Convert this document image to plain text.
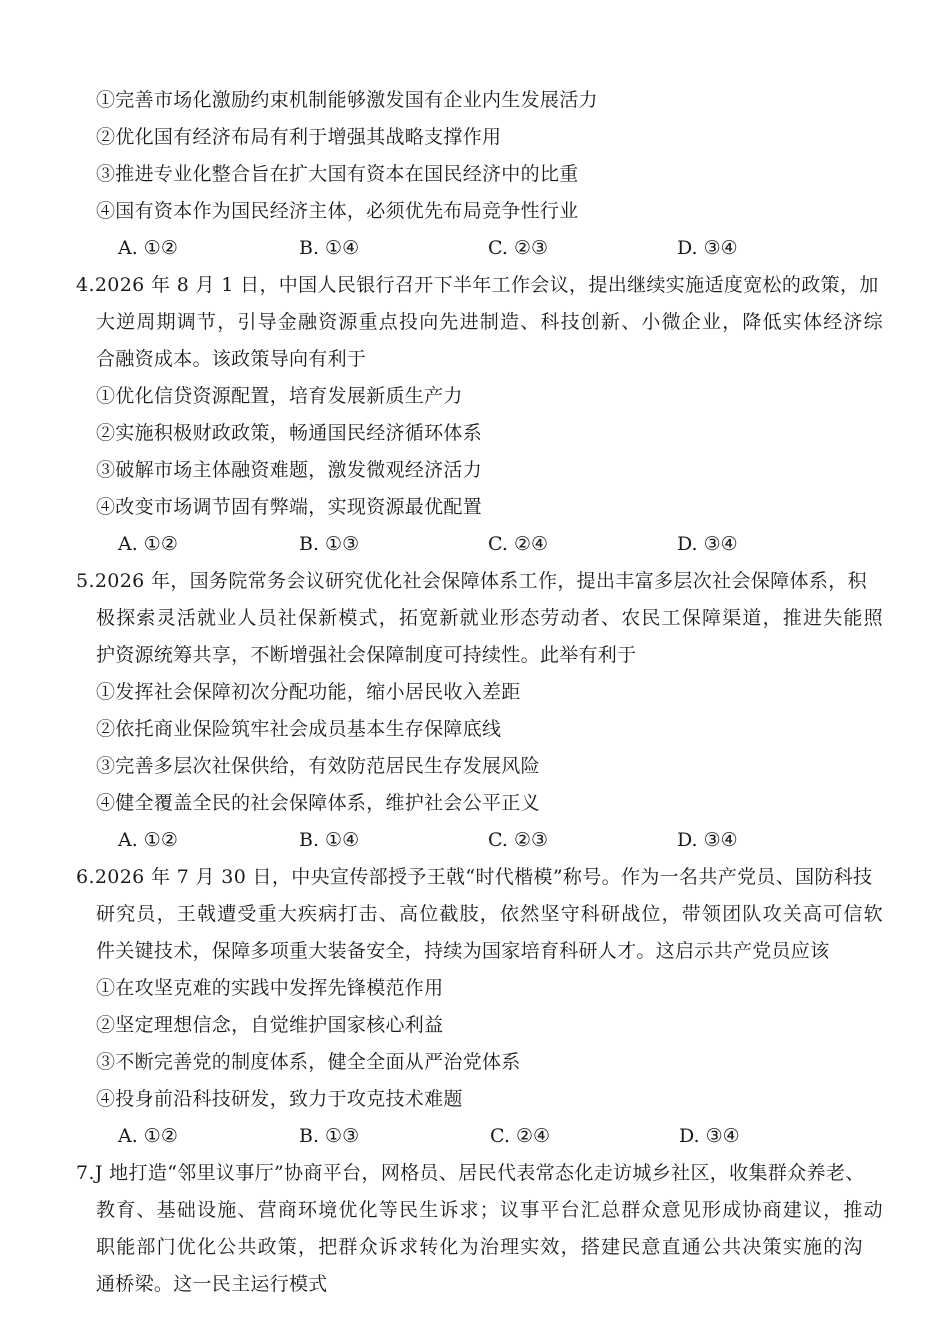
①完善市场化激励约束机制能够激发国有企业内生发展活力
②优化国有经济布局有利于增强其战略支撑作用
③推进专业化整合旨在扩大国有资本在国民经济中的比重
④国有资本作为国民经济主体，必须优先布局竞争性行业
A. ①②	B. ①④	C. ②③	D. ③④
4.2026 年 8 月 1 日，中国人民银行召开下半年工作会议，提出继续实施适度宽松的政策，加
大逆周期调节，引导金融资源重点投向先进制造、科技创新、小微企业，降低实体经济综
合融资成本。该政策导向有利于
①优化信贷资源配置，培育发展新质生产力
②实施积极财政政策，畅通国民经济循环体系
③破解市场主体融资难题，激发微观经济活力
④改变市场调节固有弊端，实现资源最优配置
A. ①②	B. ①③	C. ②④	D. ③④
5.2026 年，国务院常务会议研究优化社会保障体系工作，提出丰富多层次社会保障体系，积
极探索灵活就业人员社保新模式，拓宽新就业形态劳动者、农民工保障渠道，推进失能照
护资源统筹共享，不断增强社会保障制度可持续性。此举有利于
①发挥社会保障初次分配功能，缩小居民收入差距
②依托商业保险筑牢社会成员基本生存保障底线
③完善多层次社保供给，有效防范居民生存发展风险
④健全覆盖全民的社会保障体系，维护社会公平正义
A. ①②	B. ①④	C. ②③	D. ③④
6.2026 年 7 月 30 日，中央宣传部授予王戟“时代楷模”称号。作为一名共产党员、国防科技
研究员，王戟遭受重大疾病打击、高位截肢，依然坚守科研战位，带领团队攻关高可信软
件关键技术，保障多项重大装备安全，持续为国家培育科研人才。这启示共产党员应该
①在攻坚克难的实践中发挥先锋模范作用
②坚定理想信念，自觉维护国家核心利益
③不断完善党的制度体系，健全全面从严治党体系
④投身前沿科技研发，致力于攻克技术难题
A. ①②	B. ①③	C. ②④	D. ③④
7.J 地打造“邻里议事厅”协商平台，网格员、居民代表常态化走访城乡社区，收集群众养老、
教育、基础设施、营商环境优化等民生诉求；议事平台汇总群众意见形成协商建议，推动
职能部门优化公共政策，把群众诉求转化为治理实效，搭建民意直通公共决策实施的沟
通桥梁。这一民主运行模式
